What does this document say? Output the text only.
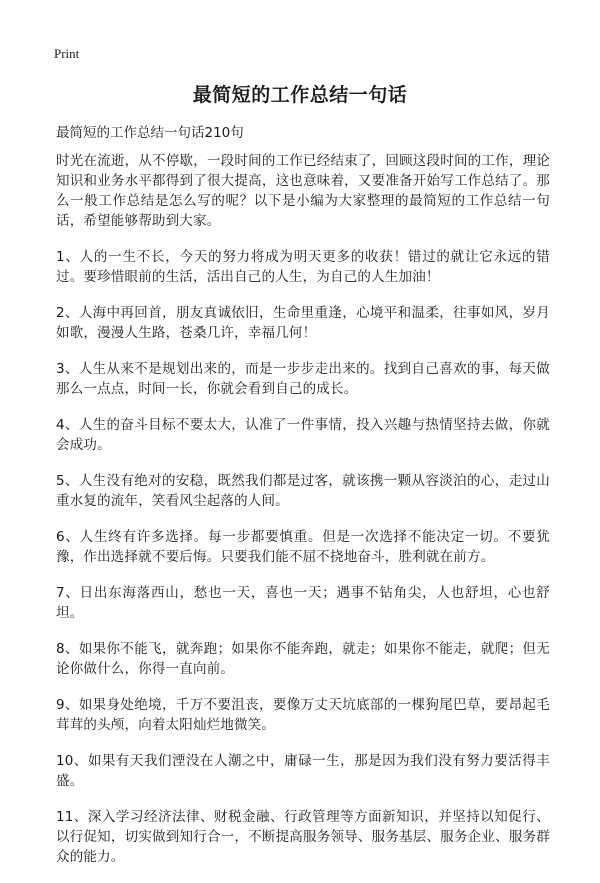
Print
最简短的工作总结一句话

最简短的工作总结一句话210句

时光在流逝，从不停歇，一段时间的工作已经结束了，回顾这段时间的工作，理论知识和业务水平都得到了很大提高，这也意味着，又要准备开始写工作总结了。那么一般工作总结是怎么写的呢？以下是小编为大家整理的最简短的工作总结一句话，希望能够帮助到大家。

1、人的一生不长，今天的努力将成为明天更多的收获！错过的就让它永远的错过。要珍惜眼前的生活，活出自己的人生，为自己的人生加油！

2、人海中再回首，朋友真诚依旧，生命里重逢，心境平和温柔，往事如风，岁月如歌，漫漫人生路，苍桑几许，幸福几何！

3、人生从来不是规划出来的，而是一步步走出来的。找到自己喜欢的事，每天做那么一点点，时间一长，你就会看到自己的成长。

4、人生的奋斗目标不要太大，认准了一件事情，投入兴趣与热情坚持去做，你就会成功。

5、人生没有绝对的安稳，既然我们都是过客，就该携一颗从容淡泊的心，走过山重水复的流年，笑看风尘起落的人间。

6、人生终有许多选择。每一步都要慎重。但是一次选择不能决定一切。不要犹豫，作出选择就不要后悔。只要我们能不屈不挠地奋斗，胜利就在前方。

7、日出东海落西山，愁也一天，喜也一天；遇事不钻角尖，人也舒坦，心也舒坦。

8、如果你不能飞，就奔跑；如果你不能奔跑，就走；如果你不能走，就爬；但无论你做什么，你得一直向前。

9、如果身处绝境，千万不要沮丧，要像万丈天坑底部的一棵狗尾巴草，要昂起毛茸茸的头颅，向着太阳灿烂地微笑。

10、如果有天我们湮没在人潮之中，庸碌一生，那是因为我们没有努力要活得丰盛。

11、深入学习经济法律、财税金融、行政管理等方面新知识，并坚持以知促行、以行促知，切实做到知行合一，不断提高服务领导、服务基层、服务企业、服务群众的能力。
